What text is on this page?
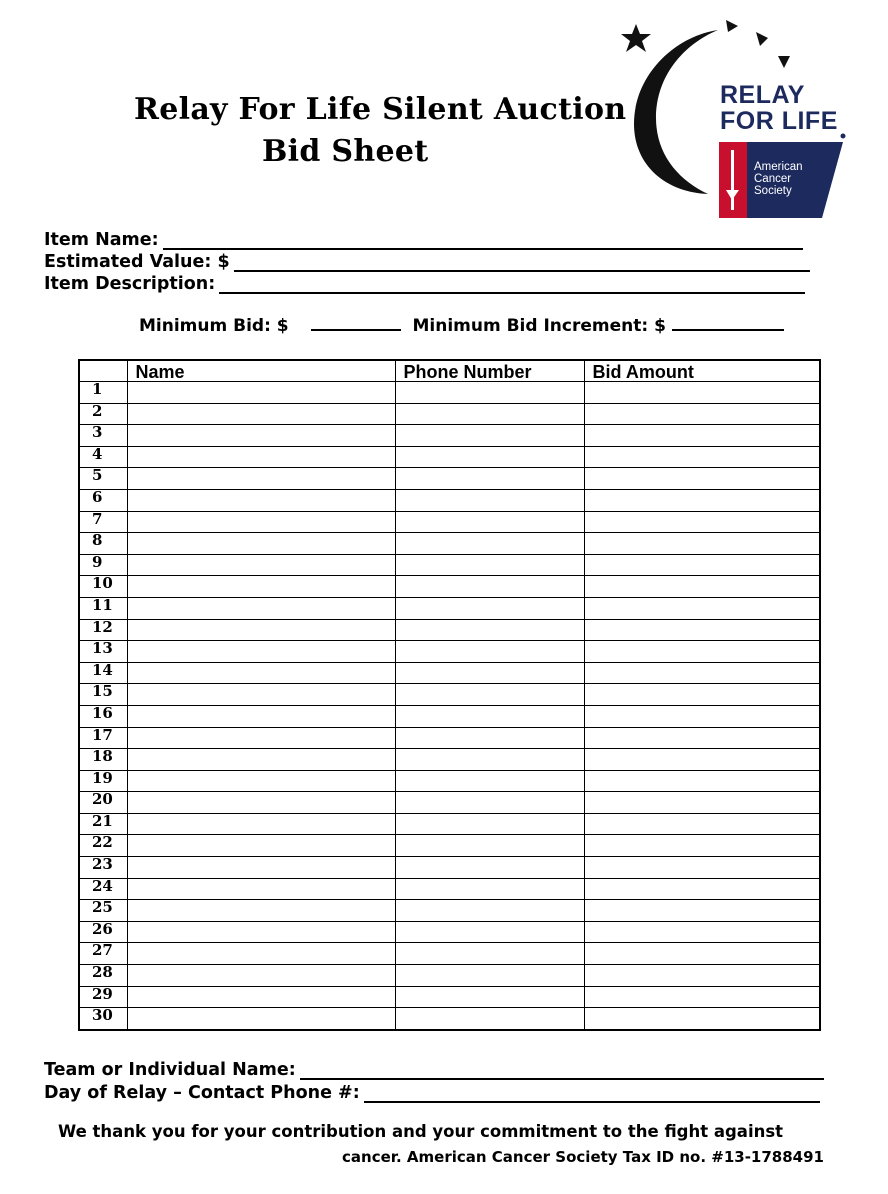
Relay For Life Silent Auction
Bid Sheet
RELAY FOR LIFE
American
Cancer
Society
Item Name:
Estimated Value: $
Item Description:
Minimum Bid: $	Minimum Bid Increment: $
	Name	Phone Number	Bid Amount
1			
2			
3			
4			
5			
6			
7			
8			
9			
10			
11			
12			
13			
14			
15			
16			
17			
18			
19			
20			
21			
22			
23			
24			
25			
26			
27			
28			
29			
30			
Team or Individual Name:
Day of Relay – Contact Phone #:
We thank you for your contribution and your commitment to the fight against
cancer. American Cancer Society Tax ID no. #13-1788491
